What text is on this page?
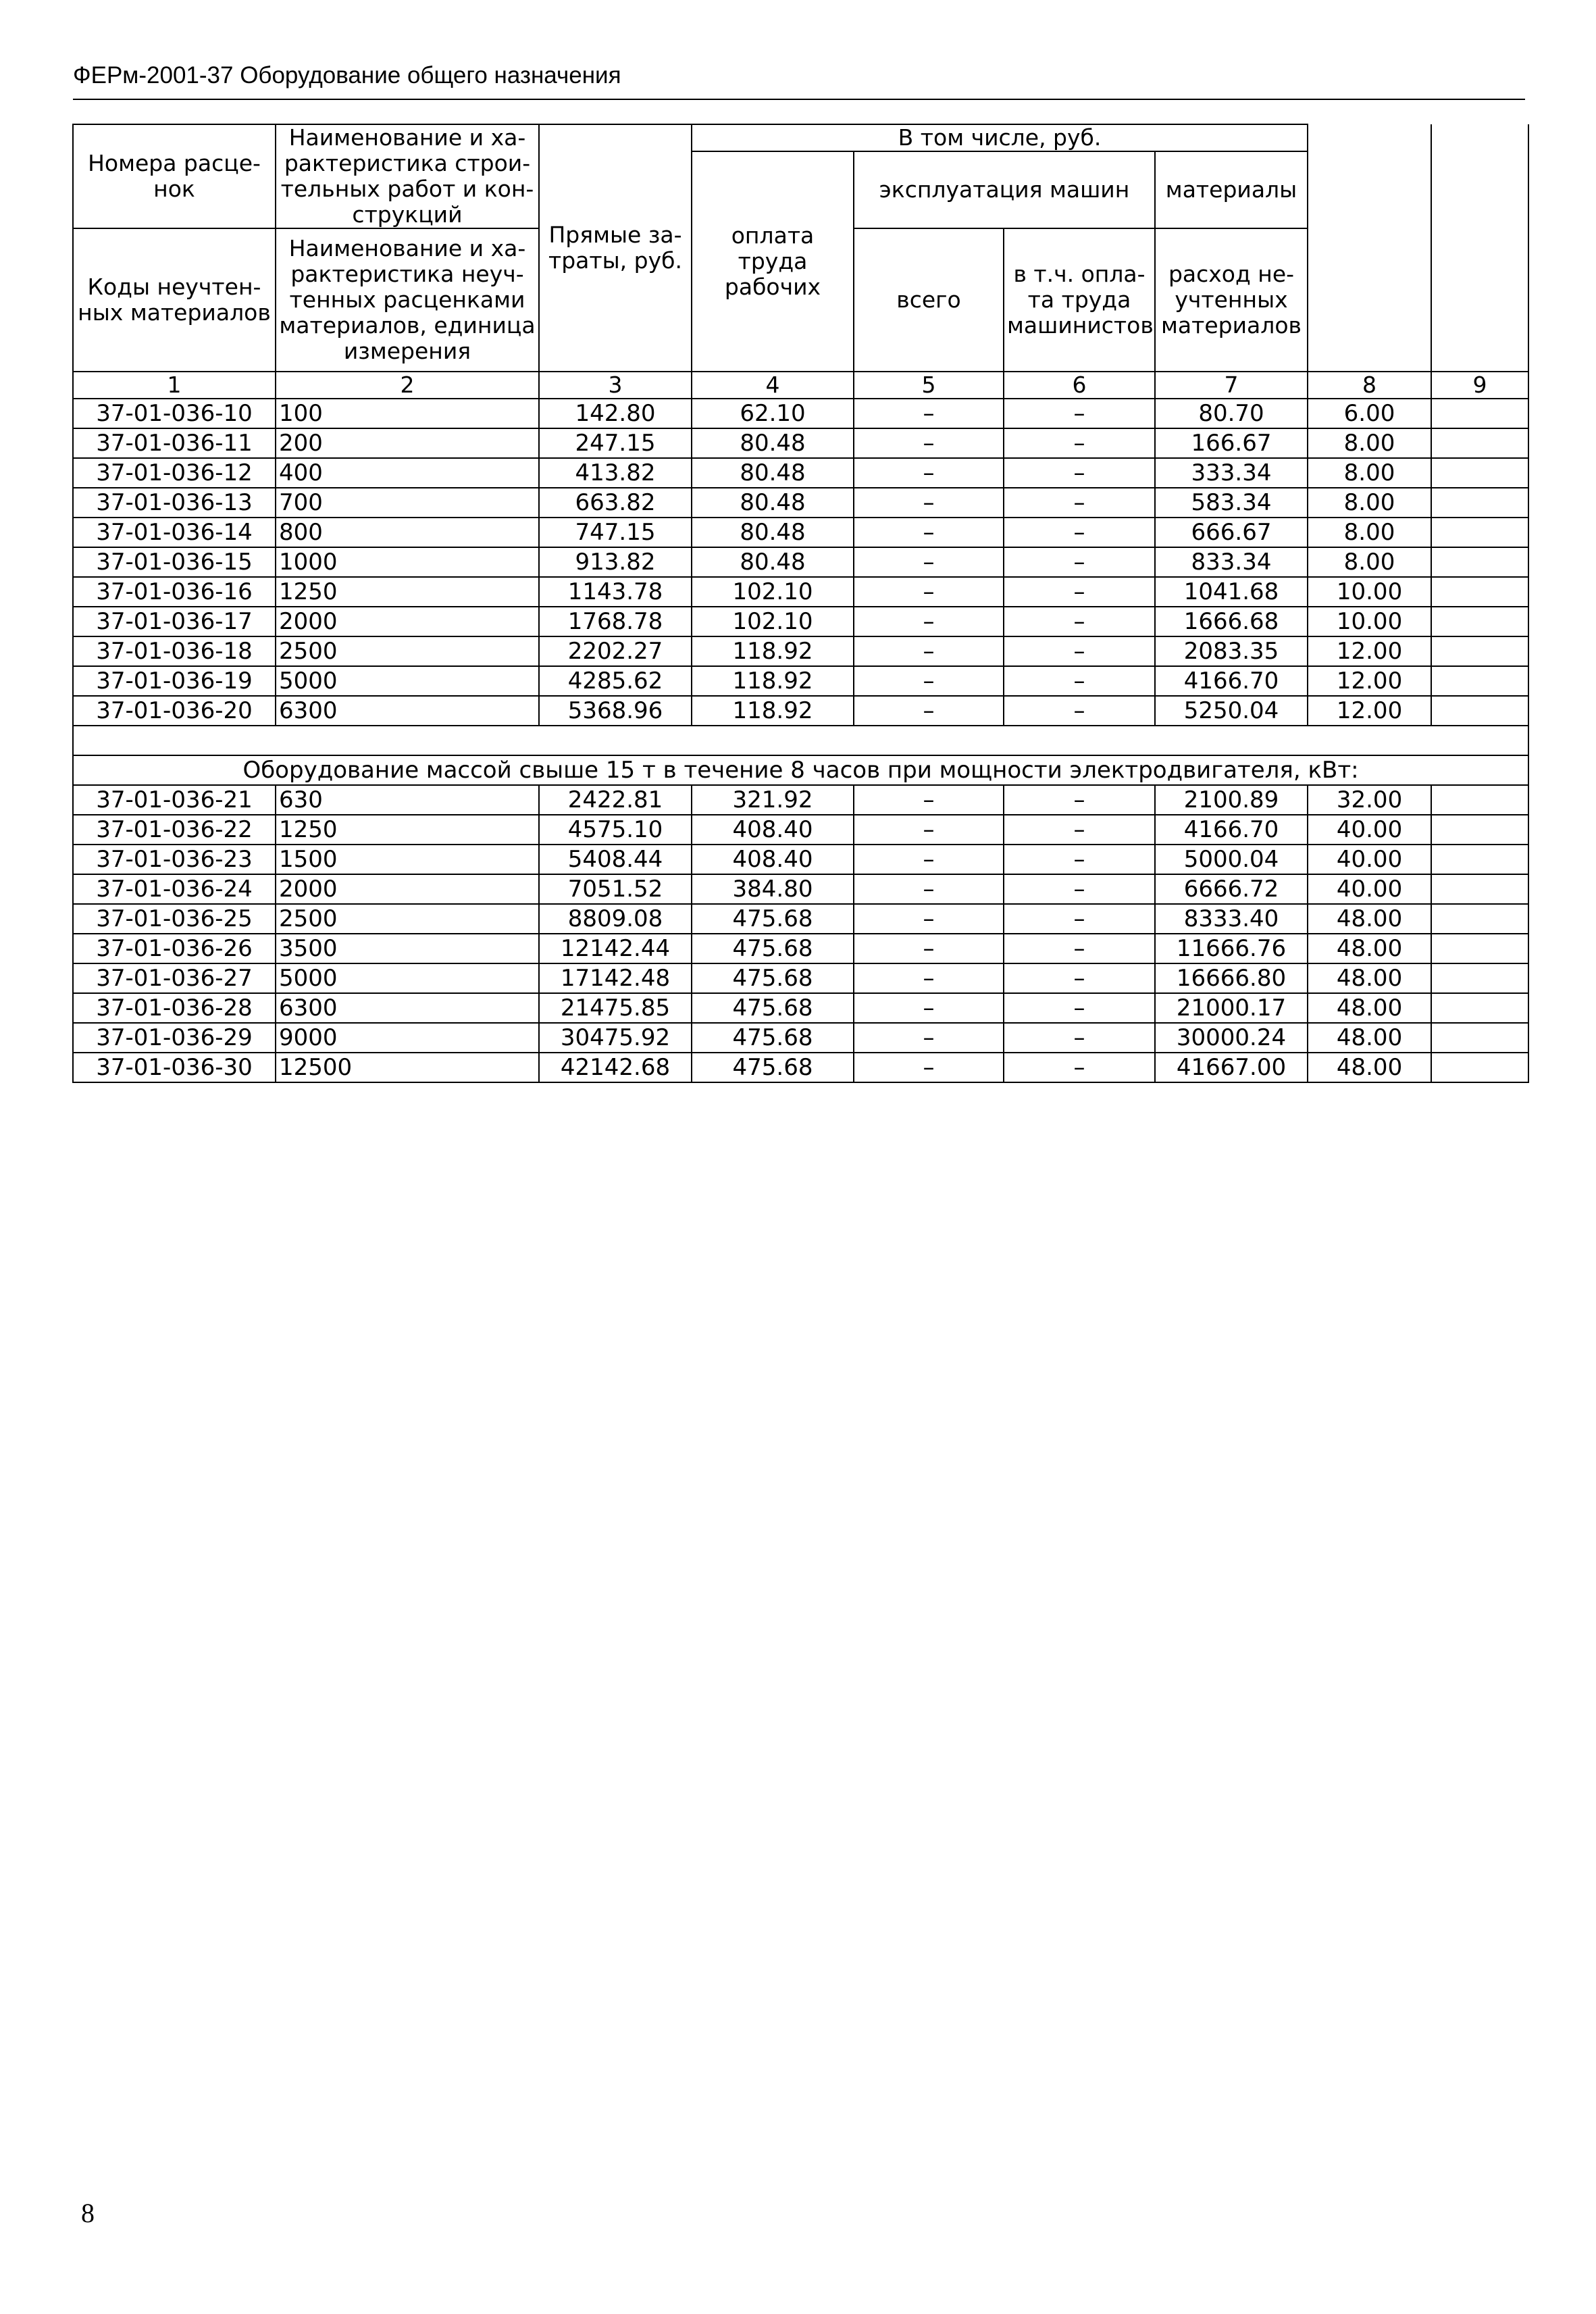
ФЕРм-2001-37 Оборудование общего назначения
Номера расце-нок	Наименование и ха-рактеристика строи-тельных работ и кон-струкций	Прямые за-траты, руб.	В том числе, руб.					
			оплата труда рабочих	эксплуатация машин		материалы		

Коды неучтен-ных материалов	Наименование и ха-рактеристика неуч-тенных расценками материалов, единица измерения			всего	в т.ч. опла-та труда машинистов	расход не-учтенных материалов		

1	2	3	4	5	6	7	8	9
37-01-036-10	100	142.80	62.10	–	–	80.70	6.00	
37-01-036-11	200	247.15	80.48	–	–	166.67	8.00	
37-01-036-12	400	413.82	80.48	–	–	333.34	8.00	
37-01-036-13	700	663.82	80.48	–	–	583.34	8.00	
37-01-036-14	800	747.15	80.48	–	–	666.67	8.00	
37-01-036-15	1000	913.82	80.48	–	–	833.34	8.00	
37-01-036-16	1250	1143.78	102.10	–	–	1041.68	10.00	
37-01-036-17	2000	1768.78	102.10	–	–	1666.68	10.00	
37-01-036-18	2500	2202.27	118.92	–	–	2083.35	12.00	
37-01-036-19	5000	4285.62	118.92	–	–	4166.70	12.00	
37-01-036-20	6300	5368.96	118.92	–	–	5250.04	12.00	

Оборудование массой свыше 15 т в течение 8 часов при мощности электродвигателя, кВт:								
37-01-036-21	630	2422.81	321.92	–	–	2100.89	32.00	
37-01-036-22	1250	4575.10	408.40	–	–	4166.70	40.00	
37-01-036-23	1500	5408.44	408.40	–	–	5000.04	40.00	
37-01-036-24	2000	7051.52	384.80	–	–	6666.72	40.00	
37-01-036-25	2500	8809.08	475.68	–	–	8333.40	48.00	
37-01-036-26	3500	12142.44	475.68	–	–	11666.76	48.00	
37-01-036-27	5000	17142.48	475.68	–	–	16666.80	48.00	
37-01-036-28	6300	21475.85	475.68	–	–	21000.17	48.00	
37-01-036-29	9000	30475.92	475.68	–	–	30000.24	48.00	
37-01-036-30	12500	42142.68	475.68	–	–	41667.00	48.00	
8
